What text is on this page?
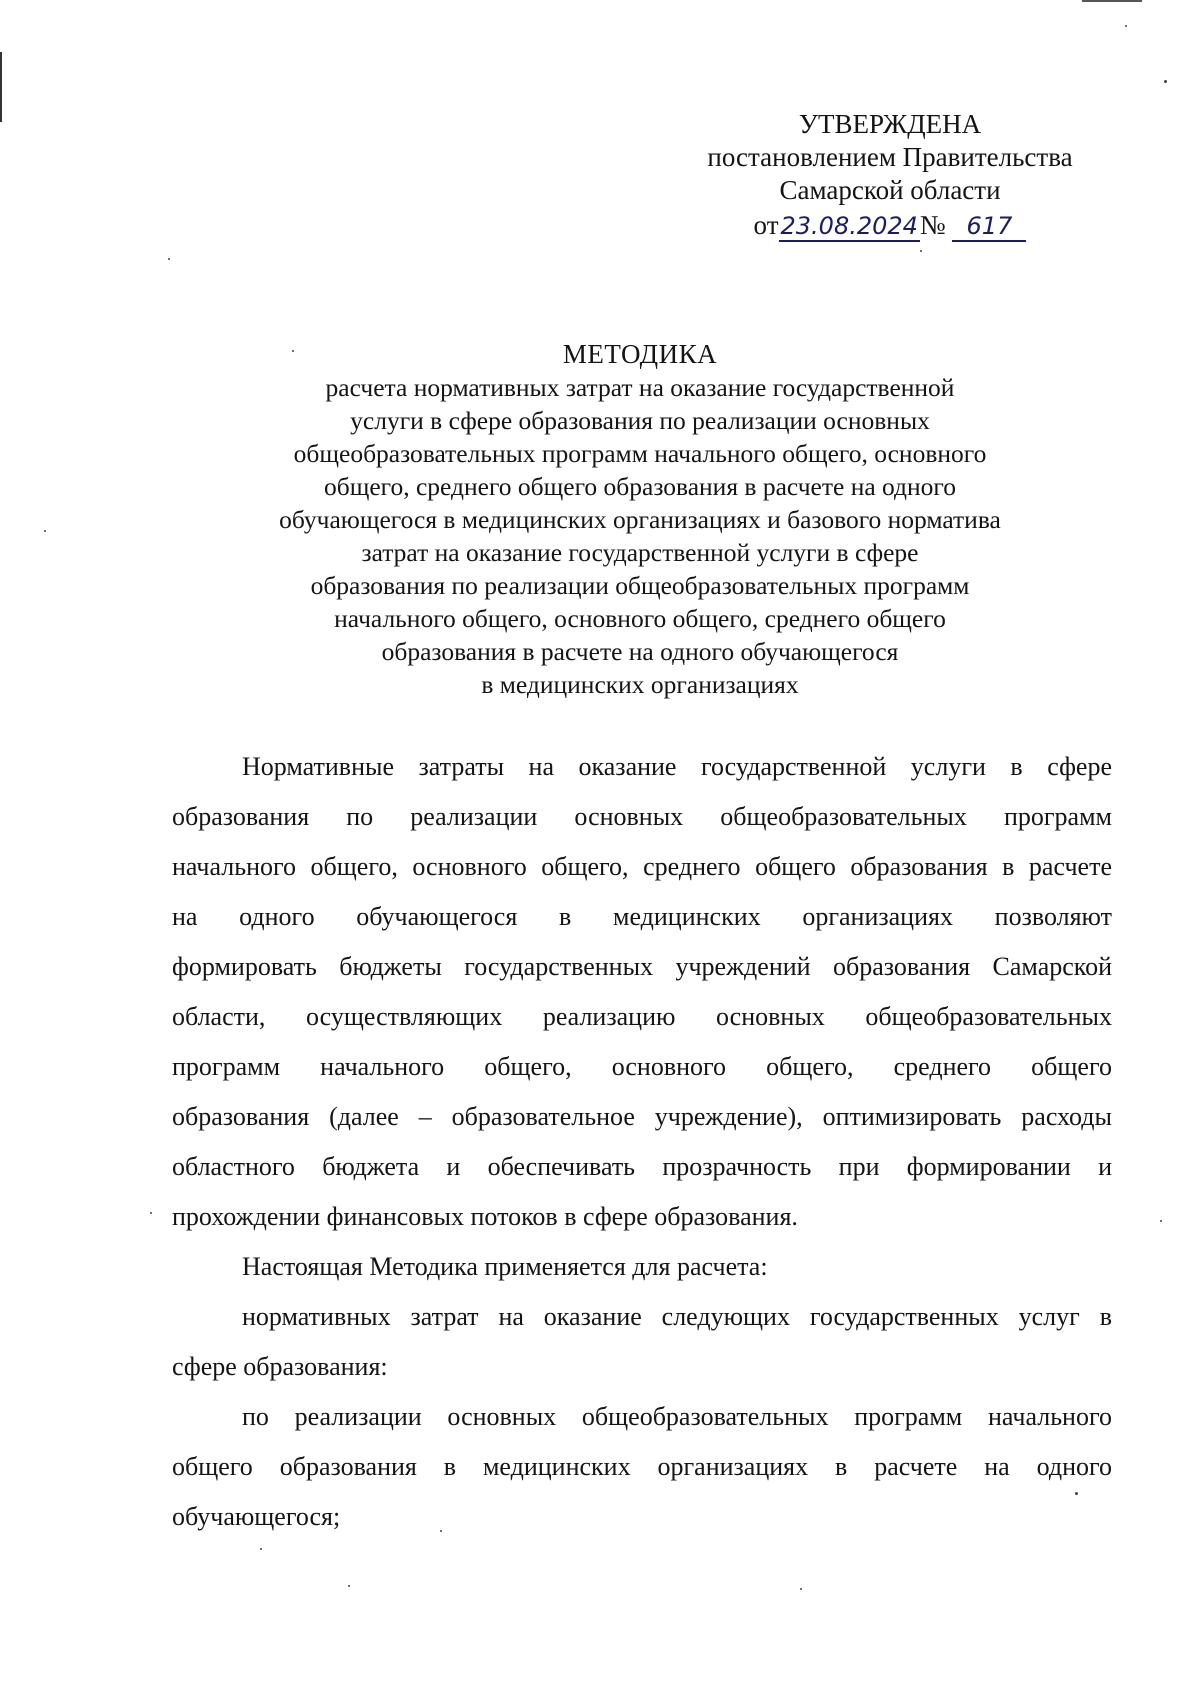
УТВЕРЖДЕНА
постановлением Правительства
Самарской области
от23.08.2024№ 617
МЕТОДИКА
расчета нормативных затрат на оказание государственной
услуги в сфере образования по реализации основных
общеобразовательных программ начального общего, основного
общего, среднего общего образования в расчете на одного
обучающегося в медицинских организациях и базового норматива
затрат на оказание государственной услуги в сфере
образования по реализации общеобразовательных программ
начального общего, основного общего, среднего общего
образования в расчете на одного обучающегося
в медицинских организациях
Нормативные затраты на оказание государственной услуги в сфере
образования по реализации основных общеобразовательных программ
начального общего, основного общего, среднего общего образования в расчете
на одного обучающегося в медицинских организациях позволяют
формировать бюджеты государственных учреждений образования Самарской
области, осуществляющих реализацию основных общеобразовательных
программ начального общего, основного общего, среднего общего
образования (далее – образовательное учреждение), оптимизировать расходы
областного бюджета и обеспечивать прозрачность при формировании и
прохождении финансовых потоков в сфере образования.
Настоящая Методика применяется для расчета:
нормативных затрат на оказание следующих государственных услуг в
сфере образования:
по реализации основных общеобразовательных программ начального
общего образования в медицинских организациях в расчете на одного
обучающегося;
